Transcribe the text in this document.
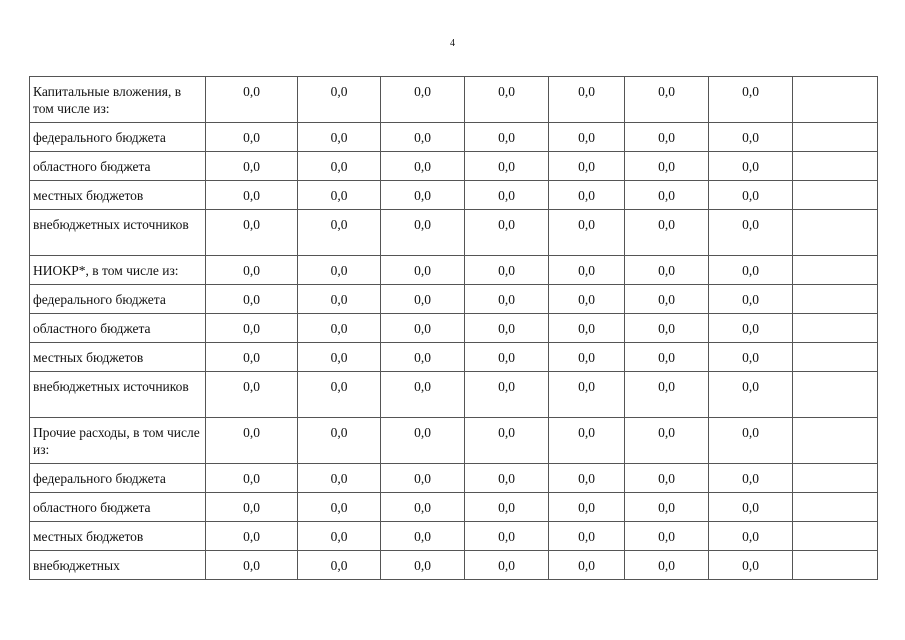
4
Капитальные вложения, в том числе из:	0,0	0,0	0,0	0,0	0,0	0,0	0,0	
федерального бюджета	0,0	0,0	0,0	0,0	0,0	0,0	0,0	
областного бюджета	0,0	0,0	0,0	0,0	0,0	0,0	0,0	
местных бюджетов	0,0	0,0	0,0	0,0	0,0	0,0	0,0	
внебюджетных источников	0,0	0,0	0,0	0,0	0,0	0,0	0,0	
НИОКР*, в том числе из:	0,0	0,0	0,0	0,0	0,0	0,0	0,0	
федерального бюджета	0,0	0,0	0,0	0,0	0,0	0,0	0,0	
областного бюджета	0,0	0,0	0,0	0,0	0,0	0,0	0,0	
местных бюджетов	0,0	0,0	0,0	0,0	0,0	0,0	0,0	
внебюджетных источников	0,0	0,0	0,0	0,0	0,0	0,0	0,0	
Прочие расходы, в том числе из:	0,0	0,0	0,0	0,0	0,0	0,0	0,0	
федерального бюджета	0,0	0,0	0,0	0,0	0,0	0,0	0,0	
областного бюджета	0,0	0,0	0,0	0,0	0,0	0,0	0,0	
местных бюджетов	0,0	0,0	0,0	0,0	0,0	0,0	0,0	
внебюджетных	0,0	0,0	0,0	0,0	0,0	0,0	0,0	
